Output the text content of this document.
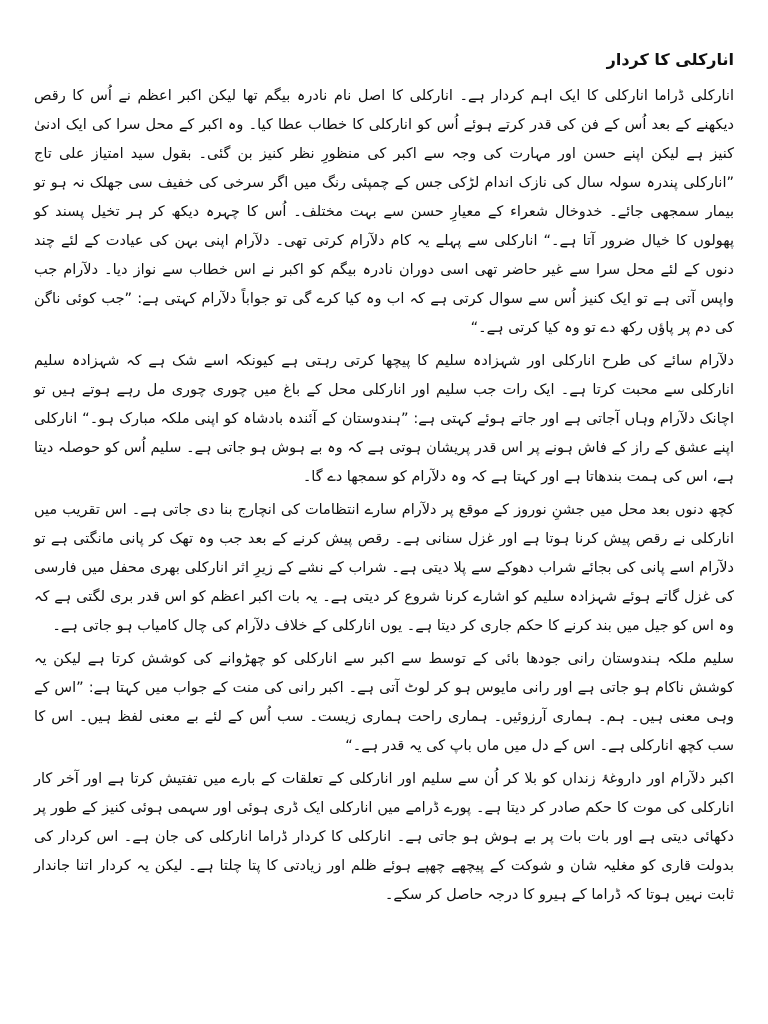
انارکلی کا کردار

انارکلی ڈراما انارکلی کا ایک اہم کردار ہے۔ انارکلی کا اصل نام نادرہ بیگم تھا لیکن اکبر اعظم نے اُس کا رقص دیکھنے کے بعد اُس کے فن کی قدر کرتے ہوئے اُس کو انارکلی کا خطاب عطا کیا۔ وہ اکبر کے محل سرا کی ایک ادنیٰ کنیز ہے لیکن اپنے حسن اور مہارت کی وجہ سے اکبر کی منظورِ نظر کنیز بن گئی۔ بقول سید امتیاز علی تاج ”انارکلی پندرہ سولہ سال کی نازک اندام لڑکی جس کے چمپئی رنگ میں اگر سرخی کی خفیف سی جھلک نہ ہو تو بیمار سمجھی جائے۔ خدوخال شعراء کے معیارِ حسن سے بہت مختلف۔ اُس کا چہرہ دیکھ کر ہر تخیل پسند کو پھولوں کا خیال ضرور آتا ہے۔“ انارکلی سے پہلے یہ کام دلآرام کرتی تھی۔ دلآرام اپنی بہن کی عیادت کے لئے چند دنوں کے لئے محل سرا سے غیر حاضر تھی اسی دوران نادرہ بیگم کو اکبر نے اس خطاب سے نواز دیا۔ دلآرام جب واپس آتی ہے تو ایک کنیز اُس سے سوال کرتی ہے کہ اب وہ کیا کرے گی تو جواباً دلآرام کہتی ہے: ”جب کوئی ناگن کی دم پر پاؤں رکھ دے تو وہ کیا کرتی ہے۔“

دلآرام سائے کی طرح انارکلی اور شہزادہ سلیم کا پیچھا کرتی رہتی ہے کیونکہ اسے شک ہے کہ شہزادہ سلیم انارکلی سے محبت کرتا ہے۔ ایک رات جب سلیم اور انارکلی محل کے باغ میں چوری چوری مل رہے ہوتے ہیں تو اچانک دلآرام وہاں آجاتی ہے اور جاتے ہوئے کہتی ہے: ”ہندوستان کے آئندہ بادشاہ کو اپنی ملکہ مبارک ہو۔“ انارکلی اپنے عشق کے راز کے فاش ہونے پر اس قدر پریشان ہوتی ہے کہ وہ بے ہوش ہو جاتی ہے۔ سلیم اُس کو حوصلہ دیتا ہے، اس کی ہمت بندھاتا ہے اور کہتا ہے کہ وہ دلآرام کو سمجھا دے گا۔

کچھ دنوں بعد محل میں جشنِ نوروز کے موقع پر دلآرام سارے انتظامات کی انچارج بنا دی جاتی ہے۔ اس تقریب میں انارکلی نے رقص پیش کرنا ہوتا ہے اور غزل سنانی ہے۔ رقص پیش کرنے کے بعد جب وہ تھک کر پانی مانگتی ہے تو دلآرام اسے پانی کی بجائے شراب دھوکے سے پلا دیتی ہے۔ شراب کے نشے کے زیرِ اثر انارکلی بھری محفل میں فارسی کی غزل گاتے ہوئے شہزادہ سلیم کو اشارے کرنا شروع کر دیتی ہے۔ یہ بات اکبر اعظم کو اس قدر بری لگتی ہے کہ وہ اس کو جیل میں بند کرنے کا حکم جاری کر دیتا ہے۔ یوں انارکلی کے خلاف دلآرام کی چال کامیاب ہو جاتی ہے۔

سلیم ملکہ ہندوستان رانی جودھا بائی کے توسط سے اکبر سے انارکلی کو چھڑوانے کی کوشش کرتا ہے لیکن یہ کوشش ناکام ہو جاتی ہے اور رانی مایوس ہو کر لوٹ آتی ہے۔ اکبر رانی کی منت کے جواب میں کہتا ہے: ”اس کے وہی معنی ہیں۔ ہم۔ ہماری آرزوئیں۔ ہماری راحت ہماری زیست۔ سب اُس کے لئے بے معنی لفظ ہیں۔ اس کا سب کچھ انارکلی ہے۔ اس کے دل میں ماں باپ کی یہ قدر ہے۔“

اکبر دلآرام اور داروغۂ زنداں کو بلا کر اُن سے سلیم اور انارکلی کے تعلقات کے بارے میں تفتیش کرتا ہے اور آخر کار انارکلی کی موت کا حکم صادر کر دیتا ہے۔ پورے ڈرامے میں انارکلی ایک ڈری ہوئی اور سہمی ہوئی کنیز کے طور پر دکھائی دیتی ہے اور بات بات پر بے ہوش ہو جاتی ہے۔ انارکلی کا کردار ڈراما انارکلی کی جان ہے۔ اس کردار کی بدولت قاری کو مغلیہ شان و شوکت کے پیچھے چھپے ہوئے ظلم اور زیادتی کا پتا چلتا ہے۔ لیکن یہ کردار اتنا جاندار ثابت نہیں ہوتا کہ ڈراما کے ہیرو کا درجہ حاصل کر سکے۔
